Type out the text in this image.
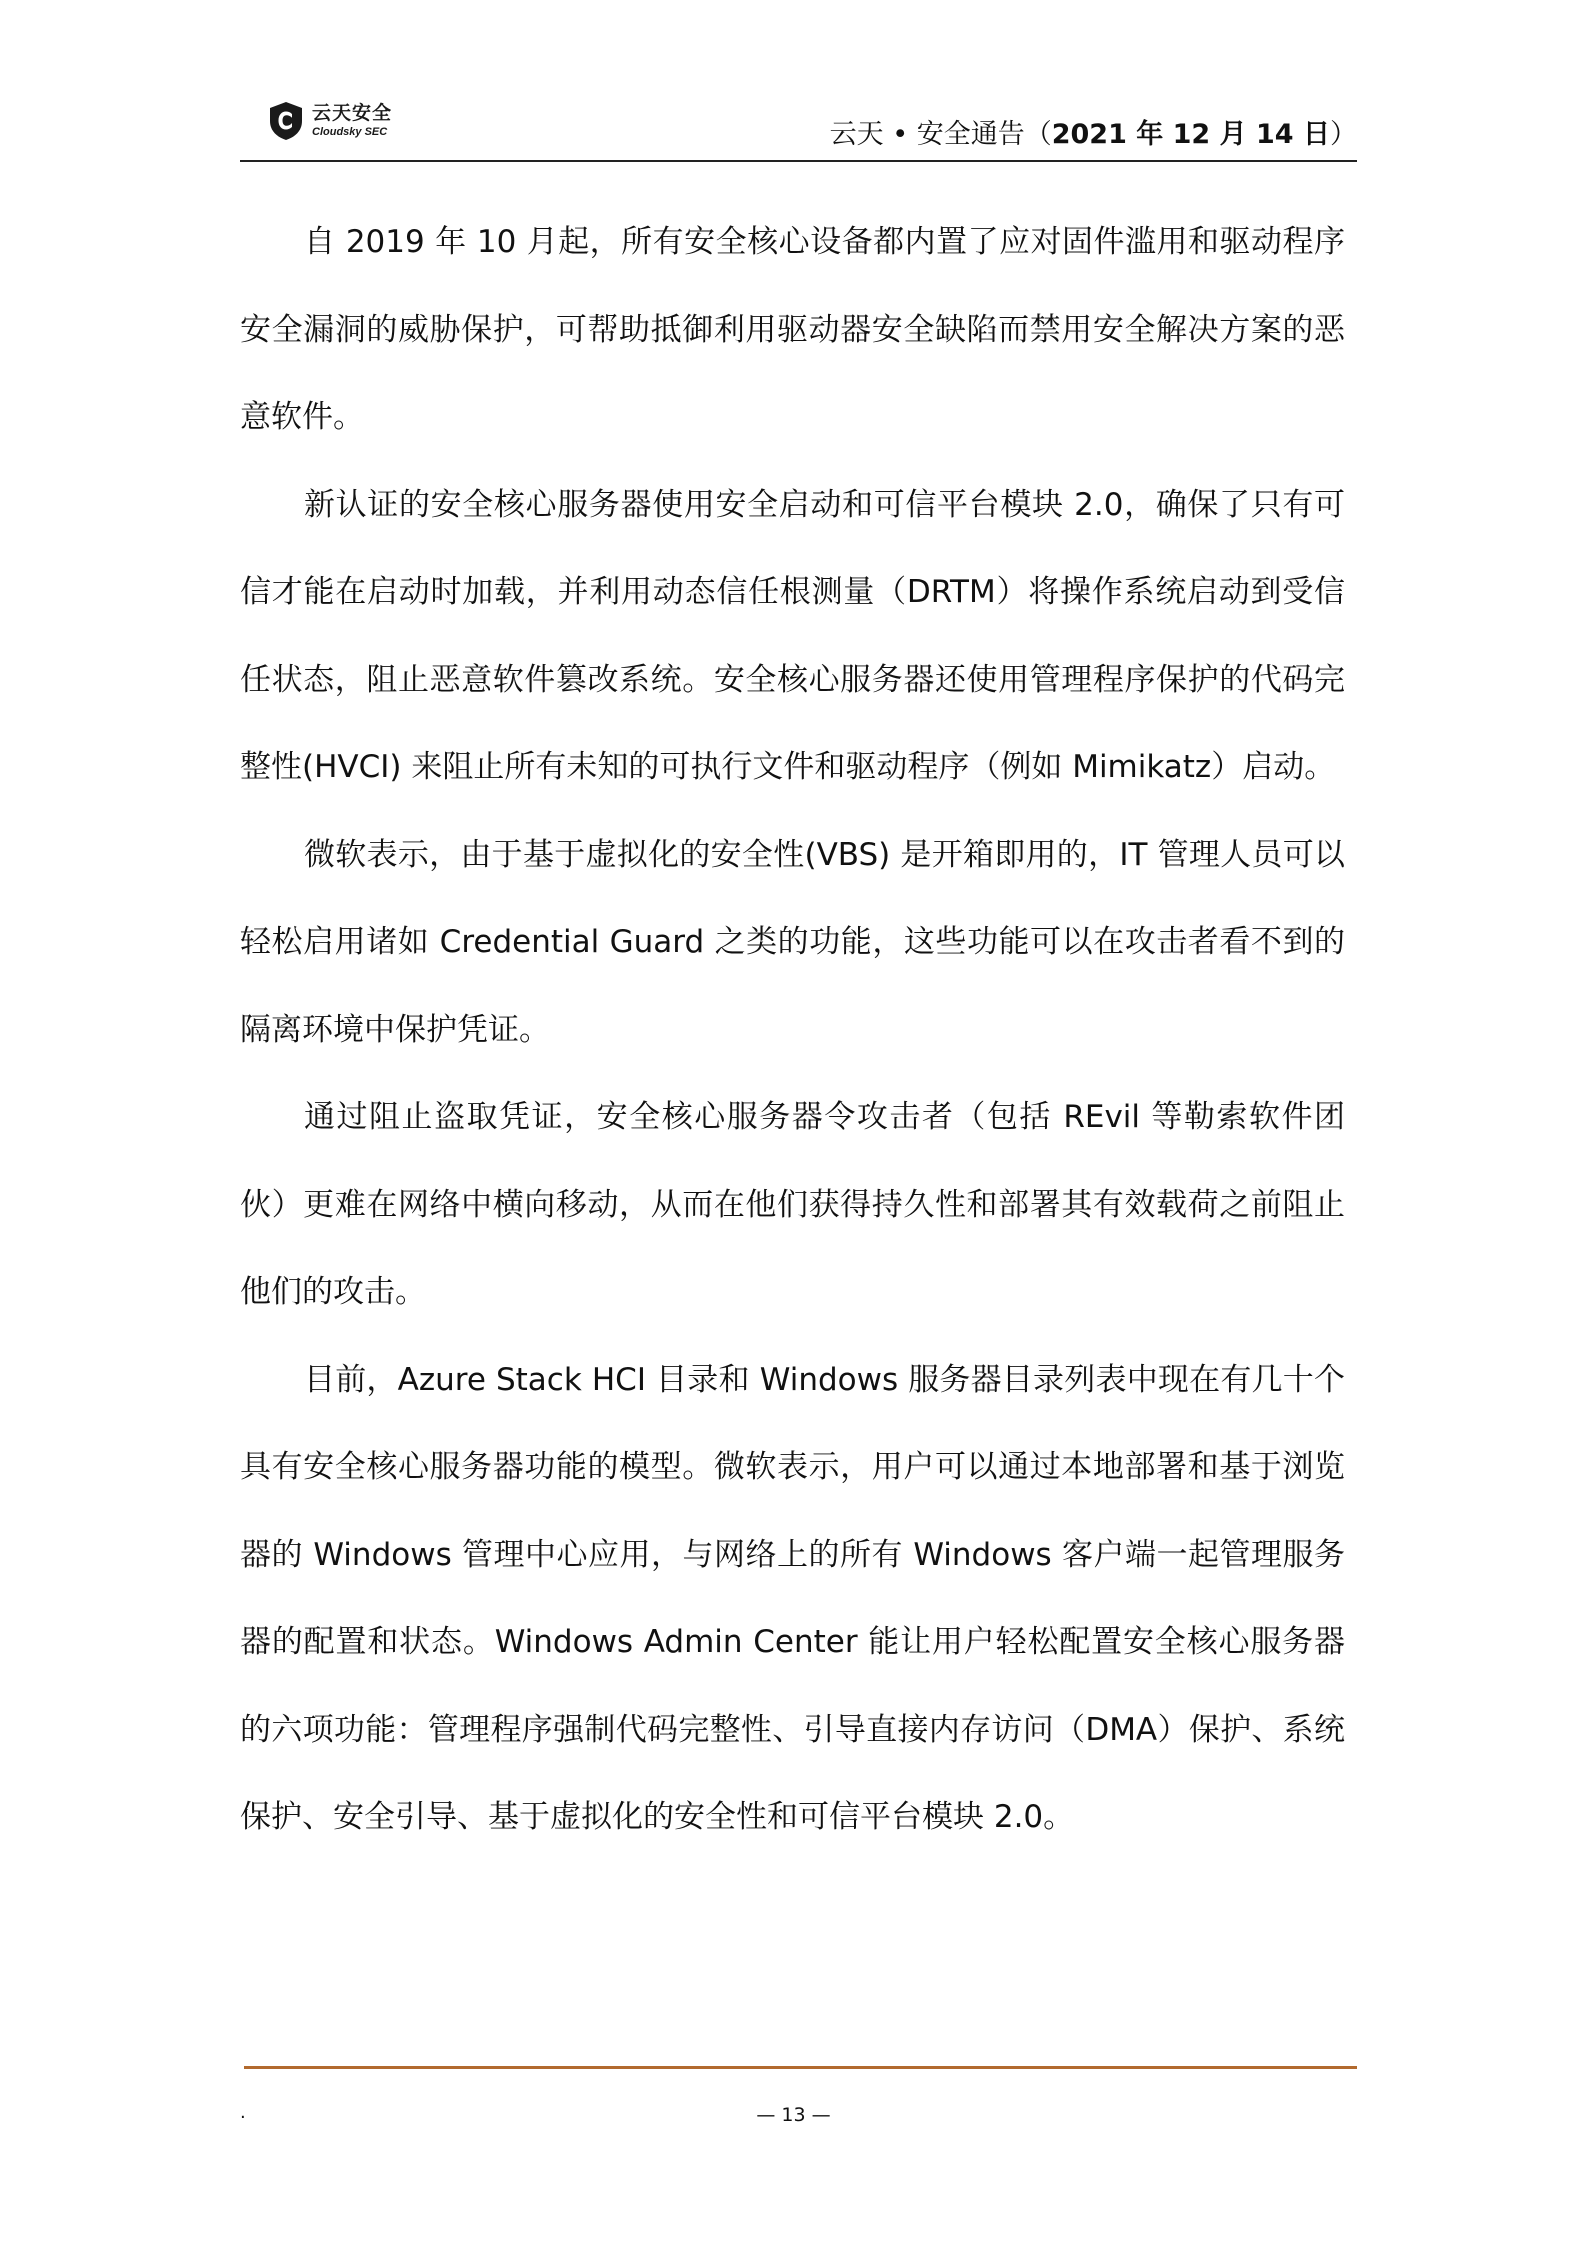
云天安全
Cloudsky SEC	云天 • 安全通告（2021 年 12 月 14 日）

自 2019 年 10 月起，所有安全核心设备都内置了应对固件滥用和驱动程序安全漏洞的威胁保护，可帮助抵御利用驱动器安全缺陷而禁用安全解决方案的恶意软件。

新认证的安全核心服务器使用安全启动和可信平台模块 2.0，确保了只有可信才能在启动时加载，并利用动态信任根测量（DRTM）将操作系统启动到受信任状态，阻止恶意软件篡改系统。安全核心服务器还使用管理程序保护的代码完整性(HVCI) 来阻止所有未知的可执行文件和驱动程序（例如 Mimikatz）启动。

微软表示，由于基于虚拟化的安全性(VBS) 是开箱即用的，IT 管理人员可以轻松启用诸如 Credential Guard 之类的功能，这些功能可以在攻击者看不到的隔离环境中保护凭证。

通过阻止盗取凭证，安全核心服务器令攻击者（包括 REvil 等勒索软件团伙）更难在网络中横向移动，从而在他们获得持久性和部署其有效载荷之前阻止他们的攻击。

目前，Azure Stack HCI 目录和 Windows 服务器目录列表中现在有几十个具有安全核心服务器功能的模型。微软表示，用户可以通过本地部署和基于浏览器的 Windows 管理中心应用，与网络上的所有 Windows 客户端一起管理服务器的配置和状态。Windows Admin Center 能让用户轻松配置安全核心服务器的六项功能：管理程序强制代码完整性、引导直接内存访问（DMA）保护、系统保护、安全引导、基于虚拟化的安全性和可信平台模块 2.0。

.	— 13 —
